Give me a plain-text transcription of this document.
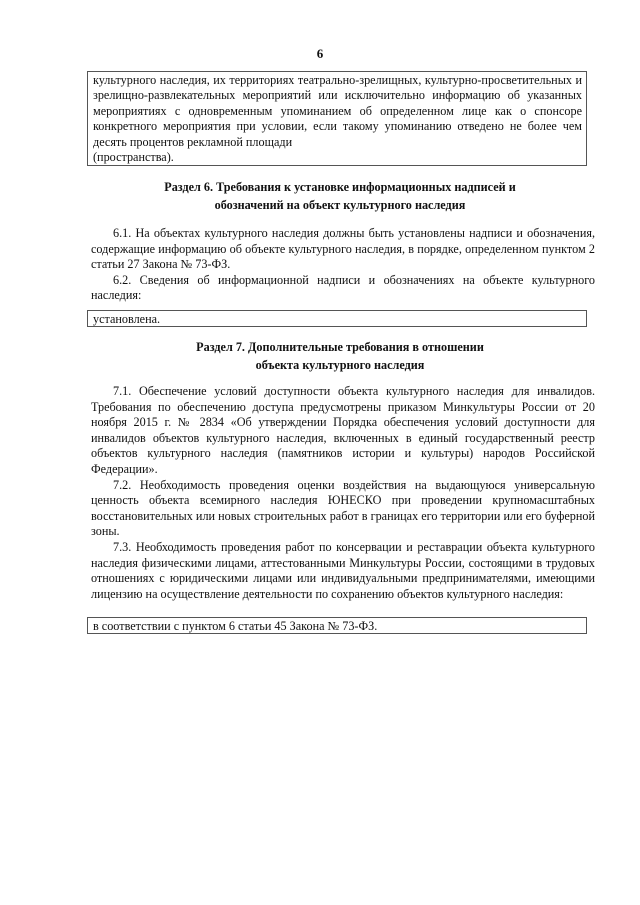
6

культурного наследия, их территориях театрально-зрелищных, культурно-просветительных и зрелищно-развлекательных мероприятий или исключительно информацию об указанных мероприятиях с одновременным упоминанием об определенном лице как о спонсоре конкретного мероприятия при условии, если такому упоминанию отведено не более чем десять процентов рекламной площади

(пространства).

Раздел 6. Требования к установке информационных надписей и
обозначений на объект культурного наследия

6.1. На объектах культурного наследия должны быть установлены надписи и обозначения, содержащие информацию об объекте культурного наследия, в порядке, определенном пунктом 2 статьи 27 Закона № 73-ФЗ.

6.2. Сведения об информационной надписи и обозначениях на объекте культурного наследия:

установлена.

Раздел 7. Дополнительные требования в отношении
объекта культурного наследия

7.1. Обеспечение условий доступности объекта культурного наследия для инвалидов. Требования по обеспечению доступа предусмотрены приказом Минкультуры России от 20 ноября 2015 г. № 2834 «Об утверждении Порядка обеспечения условий доступности для инвалидов объектов культурного наследия, включенных в единый государственный реестр объектов культурного наследия (памятников истории и культуры) народов Российской Федерации».

7.2. Необходимость проведения оценки воздействия на выдающуюся универсальную ценность объекта всемирного наследия ЮНЕСКО при проведении крупномасштабных восстановительных или новых строительных работ в границах его территории или его буферной зоны.

7.3. Необходимость проведения работ по консервации и реставрации объекта культурного наследия физическими лицами, аттестованными Минкультуры России, состоящими в трудовых отношениях с юридическими лицами или индивидуальными предпринимателями, имеющими лицензию на осуществление деятельности по сохранению объектов культурного наследия:

в соответствии с пунктом 6 статьи 45 Закона № 73-ФЗ.
